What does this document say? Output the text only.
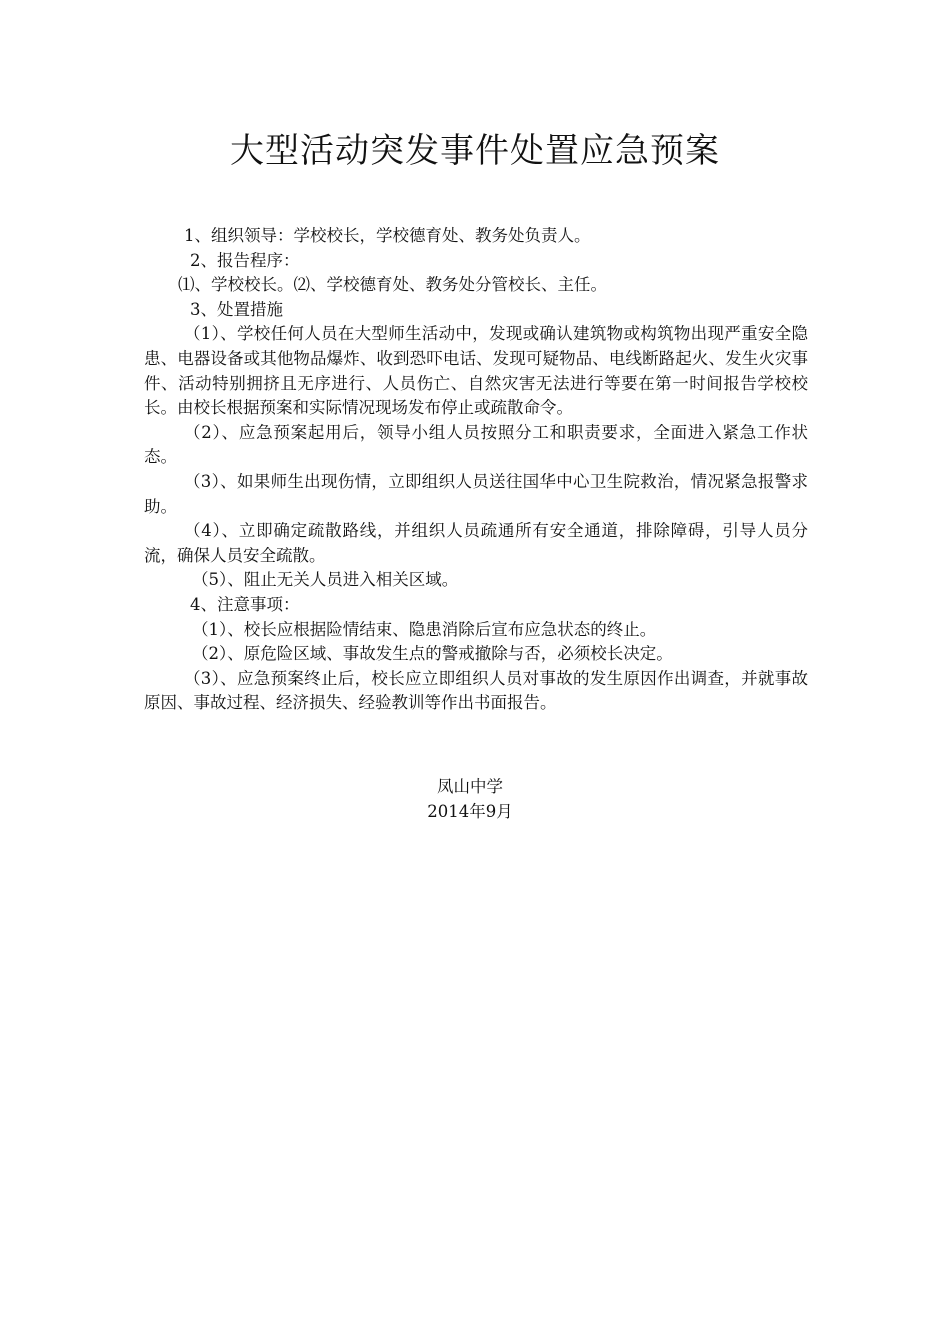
大型活动突发事件处置应急预案

1、组织领导：学校校长，学校德育处、教务处负责人。

2、报告程序：

⑴、学校校长。⑵、学校德育处、教务处分管校长、主任。

3、处置措施

（1）、学校任何人员在大型师生活动中，发现或确认建筑物或构筑物出现严重安全隐患、电器设备或其他物品爆炸、收到恐吓电话、发现可疑物品、电线断路起火、发生火灾事件、活动特别拥挤且无序进行、人员伤亡、自然灾害无法进行等要在第一时间报告学校校长。由校长根据预案和实际情况现场发布停止或疏散命令。

（2）、应急预案起用后，领导小组人员按照分工和职责要求，全面进入紧急工作状态。

（3）、如果师生出现伤情，立即组织人员送往国华中心卫生院救治，情况紧急报警求助。

（4）、立即确定疏散路线，并组织人员疏通所有安全通道，排除障碍，引导人员分流，确保人员安全疏散。

（5）、阻止无关人员进入相关区域。

4、注意事项：

（1）、校长应根据险情结束、隐患消除后宣布应急状态的终止。

（2）、原危险区域、事故发生点的警戒撤除与否，必须校长决定。

（3）、应急预案终止后，校长应立即组织人员对事故的发生原因作出调查，并就事故原因、事故过程、经济损失、经验教训等作出书面报告。

凤山中学
2014年9月
